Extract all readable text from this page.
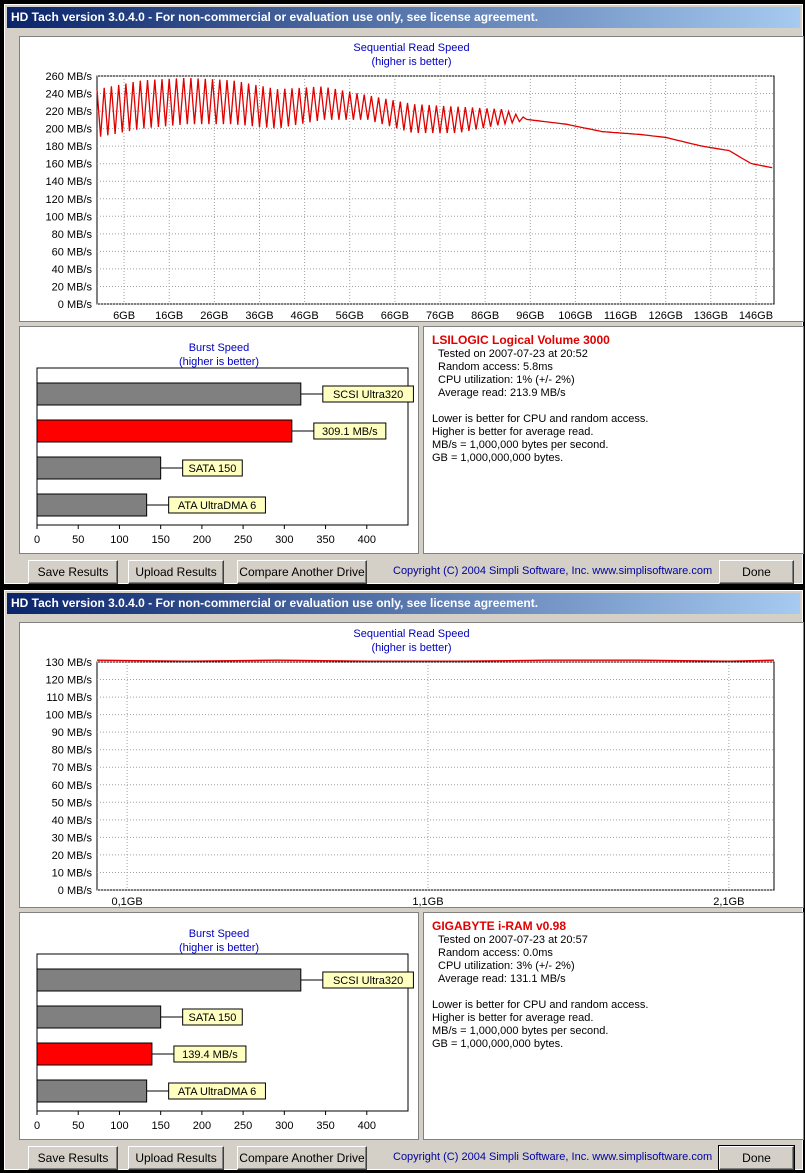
HD Tach version 3.0.4.0 - For non-commercial or evaluation use only, see license agreement.
Sequential Read Speed
(higher is better)
0 MB/s
20 MB/s
40 MB/s
60 MB/s
80 MB/s
100 MB/s
120 MB/s
140 MB/s
160 MB/s
180 MB/s
200 MB/s
220 MB/s
240 MB/s
260 MB/s
6GB 16GB 26GB 36GB 46GB 56GB 66GB 76GB 86GB 96GB 106GB 116GB 126GB 136GB 146GB
Burst Speed
(higher is better)
0	50 100 150 200 250 300 350 400
SCSI Ultra320
309.1 MB/s
SATA 150
ATA UltraDMA 6
LSILOGIC Logical Volume 3000
Tested on 2007-07-23 at 20:52
Random access: 5.8ms
CPU utilization: 1% (+/- 2%)
Average read: 213.9 MB/s
Lower is better for CPU and random access.
Higher is better for average read.
MB/s = 1,000,000 bytes per second.
GB = 1,000,000,000 bytes.
Save Results	Upload Results	Compare Another Drive	Copyright (C) 2004 Simpli Software, Inc. www.simplisoftware.com	Done
HD Tach version 3.0.4.0 - For non-commercial or evaluation use only, see license agreement.
Sequential Read Speed
(higher is better)
0 MB/s
10 MB/s
20 MB/s
30 MB/s
40 MB/s
50 MB/s
60 MB/s
70 MB/s
80 MB/s
90 MB/s
100 MB/s
110 MB/s
120 MB/s
130 MB/s
0,1GB	1,1GB	2,1GB
Burst Speed
(higher is better)
0	50 100 150 200 250 300 350 400
SCSI Ultra320
SATA 150
139.4 MB/s
ATA UltraDMA 6
GIGABYTE i-RAM v0.98
Tested on 2007-07-23 at 20:57
Random access: 0.0ms
CPU utilization: 3% (+/- 2%)
Average read: 131.1 MB/s
Lower is better for CPU and random access.
Higher is better for average read.
MB/s = 1,000,000 bytes per second.
GB = 1,000,000,000 bytes.
Save Results	Upload Results	Compare Another Drive	Copyright (C) 2004 Simpli Software, Inc. www.simplisoftware.com	Done
